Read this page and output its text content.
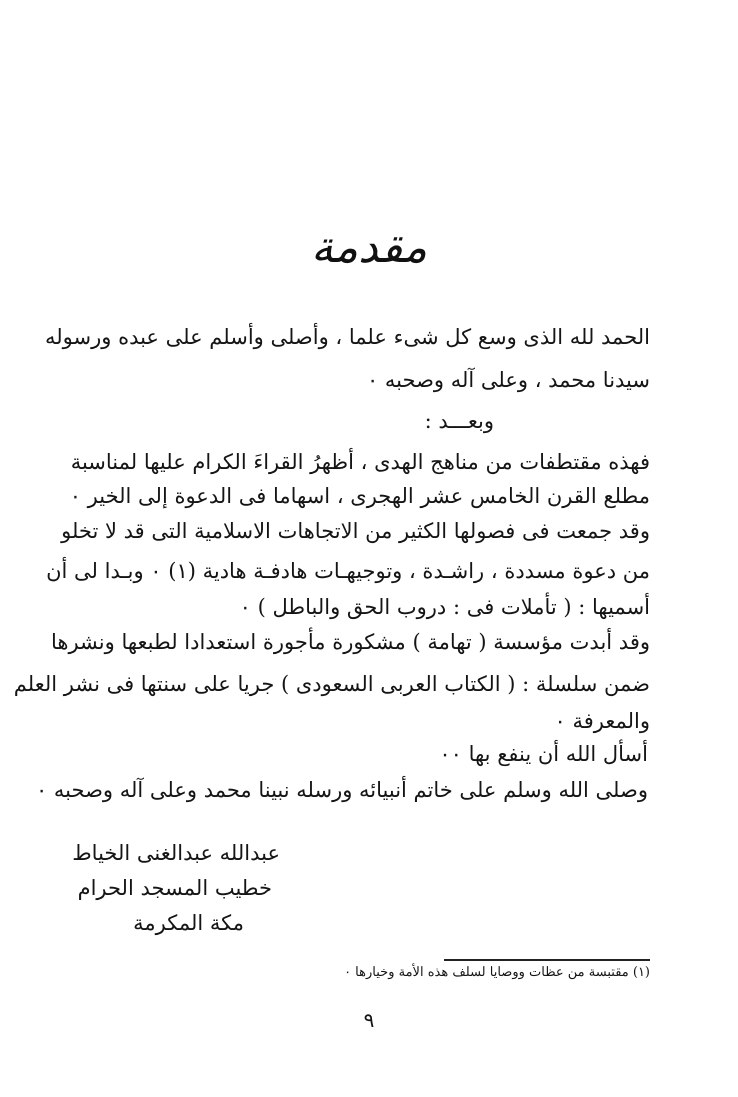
مقدمة
الحمد لله الذى وسع كل شىء علما ، وأصلى وأسلم على عبده ورسوله
سيدنا محمد ، وعلى آله وصحبه ٠
وبعـــد :
فهذه مقتطفات من مناهج الهدى ، أظهرُ القراءَ الكرام عليها لمناسبة
مطلع القرن الخامس عشر الهجرى ، اسهاما فى الدعوة إلى الخير ٠
وقد جمعت فى فصولها الكثير من الاتجاهات الاسلامية التى قد لا تخلو
من دعوة مسددة ، راشـدة ، وتوجيهـات هادفـة هادية (١) ٠ وبـدا لى أن
أسميها : ( تأملات فى : دروب الحق والباطل ) ٠
وقد أبدت مؤسسة ( تهامة ) مشكورة مأجورة استعدادا لطبعها ونشرها
ضمن سلسلة : ( الكتاب العربى السعودى ) جريا على سنتها فى نشر العلم
والمعرفة ٠
أسأل الله أن ينفع بها ٠٠
وصلى الله وسلم على خاتم أنبيائه ورسله نبينا محمد وعلى آله وصحبه ٠
عبدالله عبدالغنى الخياط
خطيب المسجد الحرام
مكة المكرمة
(١) مقتبسة من عظات ووصايا لسلف هذه الأمة وخيارها ٠
٩
